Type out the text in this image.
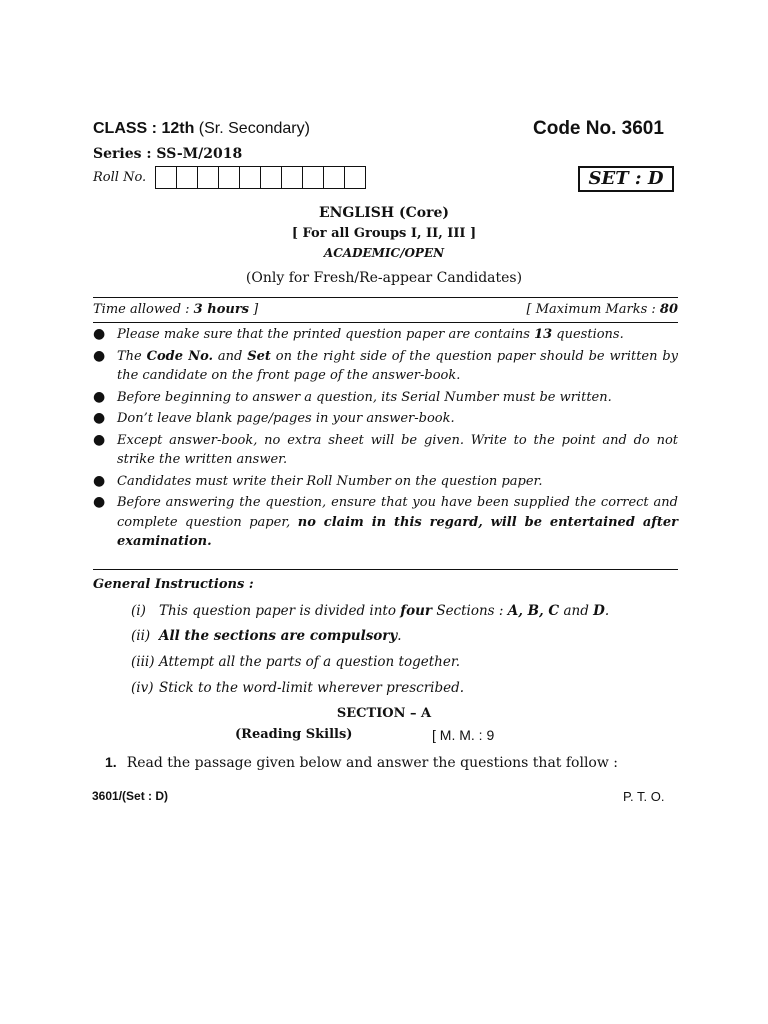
CLASS : 12th (Sr. Secondary)	Code No. 3601
Series : SS-M/2018
Roll No.	SET : D
ENGLISH (Core)
[ For all Groups I, II, III ]
ACADEMIC/OPEN
(Only for Fresh/Re-appear Candidates)
Time allowed : 3 hours ]	[ Maximum Marks : 80
● Please make sure that the printed question paper are contains 13 questions.
● The Code No. and Set on the right side of the question paper should be written by the candidate on the front page of the answer-book.
● Before beginning to answer a question, its Serial Number must be written.
● Don’t leave blank page/pages in your answer-book.
● Except answer-book, no extra sheet will be given. Write to the point and do not strike the written answer.
● Candidates must write their Roll Number on the question paper.
● Before answering the question, ensure that you have been supplied the correct and complete question paper, no claim in this regard, will be entertained after examination.
General Instructions :
(i) This question paper is divided into four Sections : A, B, C and D.
(ii) All the sections are compulsory.
(iii) Attempt all the parts of a question together.
(iv) Stick to the word-limit wherever prescribed.
SECTION – A
(Reading Skills)	[ M. M. : 9
1. Read the passage given below and answer the questions that follow :
3601/(Set : D)	P. T. O.
